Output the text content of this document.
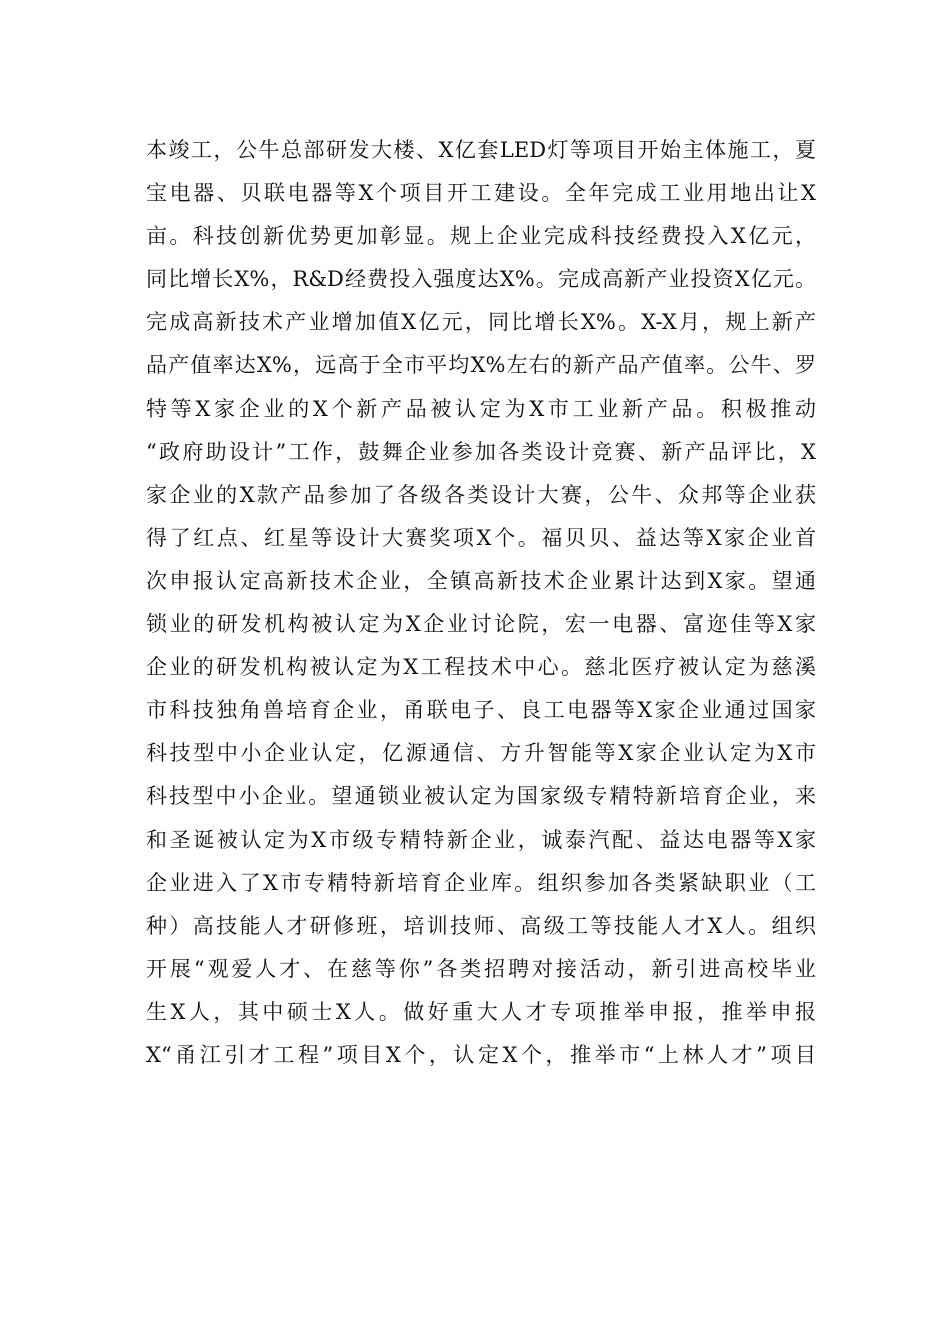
本竣工，公牛总部研发大楼、X亿套LED灯等项目开始主体施工，夏
宝电器、贝联电器等X个项目开工建设。全年完成工业用地出让X
亩。科技创新优势更加彰显。规上企业完成科技经费投入X亿元，
同比增长X%，R&D经费投入强度达X%。完成高新产业投资X亿元。
完成高新技术产业增加值X亿元，同比增长X%。X-X月，规上新产
品产值率达X%，远高于全市平均X%左右的新产品产值率。公牛、罗
特等X家企业的X个新产品被认定为X市工业新产品。积极推动
“政府助设计”工作，鼓舞企业参加各类设计竞赛、新产品评比，X
家企业的X款产品参加了各级各类设计大赛，公牛、众邦等企业获
得了红点、红星等设计大赛奖项X个。福贝贝、益达等X家企业首
次申报认定高新技术企业，全镇高新技术企业累计达到X家。望通
锁业的研发机构被认定为X企业讨论院，宏一电器、富迩佳等X家
企业的研发机构被认定为X工程技术中心。慈北医疗被认定为慈溪
市科技独角兽培育企业，甬联电子、良工电器等X家企业通过国家
科技型中小企业认定，亿源通信、方升智能等X家企业认定为X市
科技型中小企业。望通锁业被认定为国家级专精特新培育企业，来
和圣诞被认定为X市级专精特新企业，诚泰汽配、益达电器等X家
企业进入了X市专精特新培育企业库。组织参加各类紧缺职业（工
种）高技能人才研修班，培训技师、高级工等技能人才X人。组织
开展“观爱人才、在慈等你”各类招聘对接活动，新引进高校毕业
生X人，其中硕士X人。做好重大人才专项推举申报，推举申报
X“甬江引才工程”项目X个，认定X个，推举市“上林人才”项目
